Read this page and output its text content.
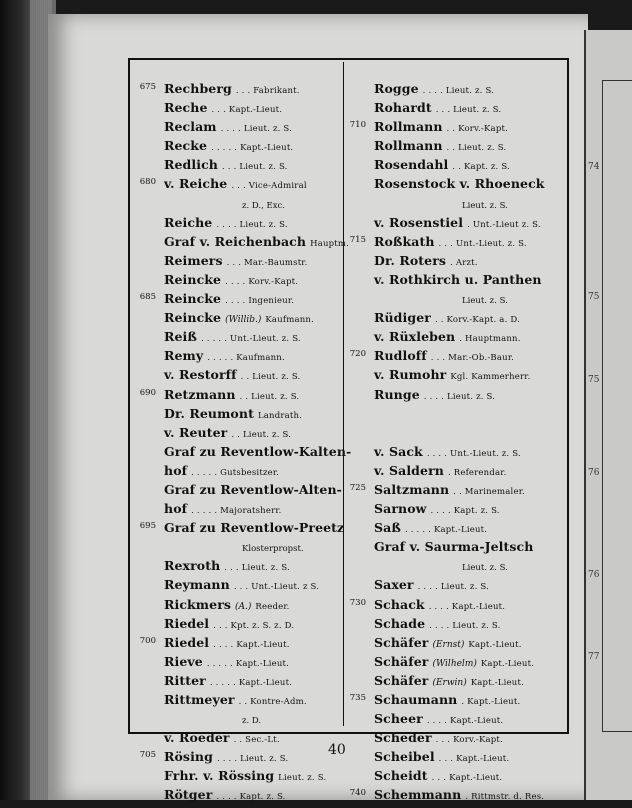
74
75
75
76
76
77
675 Rechberg . . . Fabrikant.
Reche . . . Kapt.-Lieut.
Reclam . . . . Lieut. z. S.
Recke . . . . . Kapt.-Lieut.
Redlich . . . Lieut. z. S.
680 v. Reiche . . . Vice-Admiral
z. D., Exc.
Reiche . . . . Lieut. z. S.
Graf v. Reichenbach Hauptm.
Reimers . . . Mar.-Baumstr.
Reincke . . . . Korv.-Kapt.
685 Reincke . . . . Ingenieur.
Reincke (Willib.) Kaufmann.
Reiß . . . . . Unt.-Lieut. z. S.
Remy . . . . . Kaufmann.
v. Restorff . . Lieut. z. S.
690 Retzmann . . Lieut. z. S.
Dr. Reumont Landrath.
v. Reuter . . Lieut. z. S.
Graf zu Reventlow-Kalten-
hof . . . . . Gutsbesitzer.
Graf zu Reventlow-Alten-
hof . . . . . Majoratsherr.
695 Graf zu Reventlow-Preetz
Klosterpropst.
Rexroth . . . Lieut. z. S.
Reymann . . . Unt.-Lieut. z S.
Rickmers (A.) Reeder.
Riedel . . . Kpt. z. S. z. D.
700 Riedel . . . . Kapt.-Lieut.
Rieve . . . . . Kapt.-Lieut.
Ritter . . . . . Kapt.-Lieut.
Rittmeyer . . Kontre-Adm.
z. D.
v. Roeder . . Sec.-Lt.
705 Rösing . . . . Lieut. z. S.
Frhr. v. Rössing Lieut. z. S.
Rötger . . . . Kapt. z. S.
Rogge . . . . Lieut. z. S.
Rohardt . . . Lieut. z. S.
710 Rollmann . . Korv.-Kapt.
Rollmann . . Lieut. z. S.
Rosendahl . . Kapt. z. S.
Rosenstock v. Rhoeneck
Lieut. z. S.
v. Rosenstiel . Unt.-Lieut z. S.
715 Roßkath . . . Unt.-Lieut. z. S.
Dr. Roters . Arzt.
v. Rothkirch u. Panthen
Lieut. z. S.
Rüdiger . . Korv.-Kapt. a. D.
v. Rüxleben . Hauptmann.
720 Rudloff . . . Mar.-Ob.-Baur.
v. Rumohr Kgl. Kammerherr.
Runge . . . . Lieut. z. S.
v. Sack . . . . Unt.-Lieut. z. S.
v. Saldern . Referendar.
725 Saltzmann . . Marinemaler.
Sarnow . . . . Kapt. z. S.
Saß . . . . . Kapt.-Lieut.
Graf v. Saurma-Jeltsch
Lieut. z. S.
Saxer . . . . Lieut. z. S.
730 Schack . . . . Kapt.-Lieut.
Schade . . . . Lieut. z. S.
Schäfer (Ernst) Kapt.-Lieut.
Schäfer (Wilhelm) Kapt.-Lieut.
Schäfer (Erwin) Kapt.-Lieut.
735 Schaumann . Kapt.-Lieut.
Scheer . . . . Kapt.-Lieut.
Scheder . . . Korv.-Kapt.
Scheibel . . . Kapt.-Lieut.
Scheidt . . . Kapt.-Lieut.
740 Schemmann . Rittmstr. d. Res.
40
